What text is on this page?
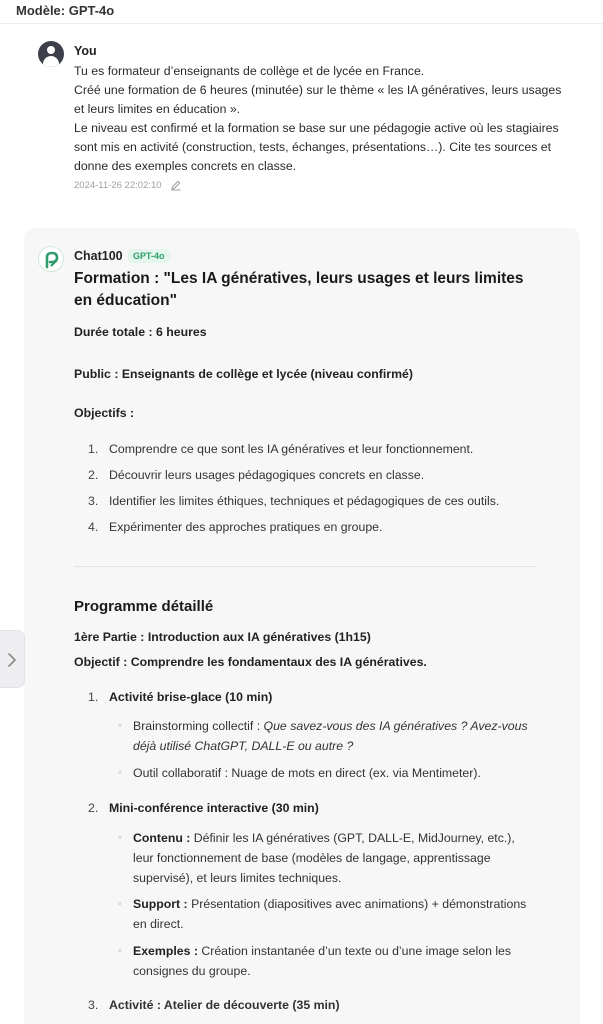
Modèle: GPT-4o
You

Tu es formateur d’enseignants de collège et de lycée en France.

Créé une formation de 6 heures (minutée) sur le thème « les IA génératives, leurs usages

et leurs limites en éducation ».

Le niveau est confirmé et la formation se base sur une pédagogie active où les stagiaires

sont mis en activité (construction, tests, échanges, présentations…). Cite tes sources et

donne des exemples concrets en classe.

2024-11-26 22:02:10
Chat100	GPT-4o
Formation : "Les IA génératives, leurs usages et leurs limites en éducation"
Durée totale : 6 heures
Public : Enseignants de collège et lycée (niveau confirmé)
Objectifs :
1. Comprendre ce que sont les IA génératives et leur fonctionnement.
2. Découvrir leurs usages pédagogiques concrets en classe.
3. Identifier les limites éthiques, techniques et pédagogiques de ces outils.
4. Expérimenter des approches pratiques en groupe.
Programme détaillé
1ère Partie : Introduction aux IA génératives (1h15)
Objectif : Comprendre les fondamentaux des IA génératives.
1. Activité brise-glace (10 min)
◦ Brainstorming collectif : Que savez-vous des IA génératives ? Avez-vous déjà utilisé ChatGPT, DALL-E ou autre ?
◦ Outil collaboratif : Nuage de mots en direct (ex. via Mentimeter).
2. Mini-conférence interactive (30 min)
◦ Contenu : Définir les IA génératives (GPT, DALL-E, MidJourney, etc.), leur fonctionnement de base (modèles de langage, apprentissage supervisé), et leurs limites techniques.
◦ Support : Présentation (diapositives avec animations) + démonstrations en direct.
◦ Exemples : Création instantanée d’un texte ou d’une image selon les consignes du groupe.
3. Activité : Atelier de découverte (35 min)
